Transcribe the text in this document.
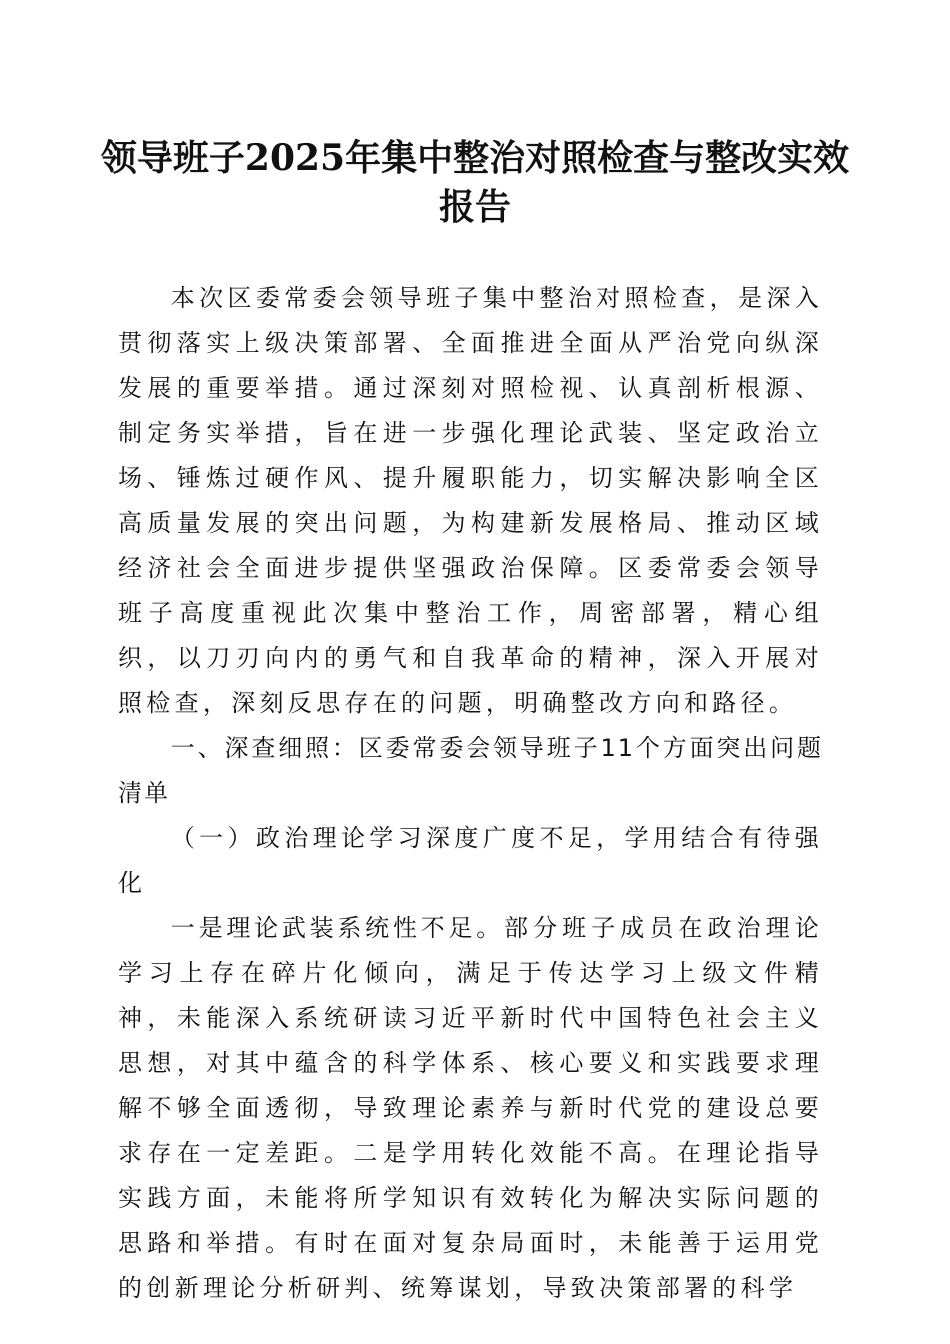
领导班子2025年集中整治对照检查与整改实效报告

本次区委常委会领导班子集中整治对照检查，是深入贯彻落实上级决策部署、全面推进全面从严治党向纵深发展的重要举措。通过深刻对照检视、认真剖析根源、制定务实举措，旨在进一步强化理论武装、坚定政治立场、锤炼过硬作风、提升履职能力，切实解决影响全区高质量发展的突出问题，为构建新发展格局、推动区域经济社会全面进步提供坚强政治保障。区委常委会领导班子高度重视此次集中整治工作，周密部署，精心组织，以刀刃向内的勇气和自我革命的精神，深入开展对照检查，深刻反思存在的问题，明确整改方向和路径。

一、深查细照：区委常委会领导班子11个方面突出问题清单

（一）政治理论学习深度广度不足，学用结合有待强化

一是理论武装系统性不足。部分班子成员在政治理论学习上存在碎片化倾向，满足于传达学习上级文件精神，未能深入系统研读习近平新时代中国特色社会主义思想，对其中蕴含的科学体系、核心要义和实践要求理解不够全面透彻，导致理论素养与新时代党的建设总要求存在一定差距。二是学用转化效能不高。在理论指导实践方面，未能将所学知识有效转化为解决实际问题的思路和举措。有时在面对复杂局面时，未能善于运用党的创新理论分析研判、统筹谋划，导致决策部署的科学
